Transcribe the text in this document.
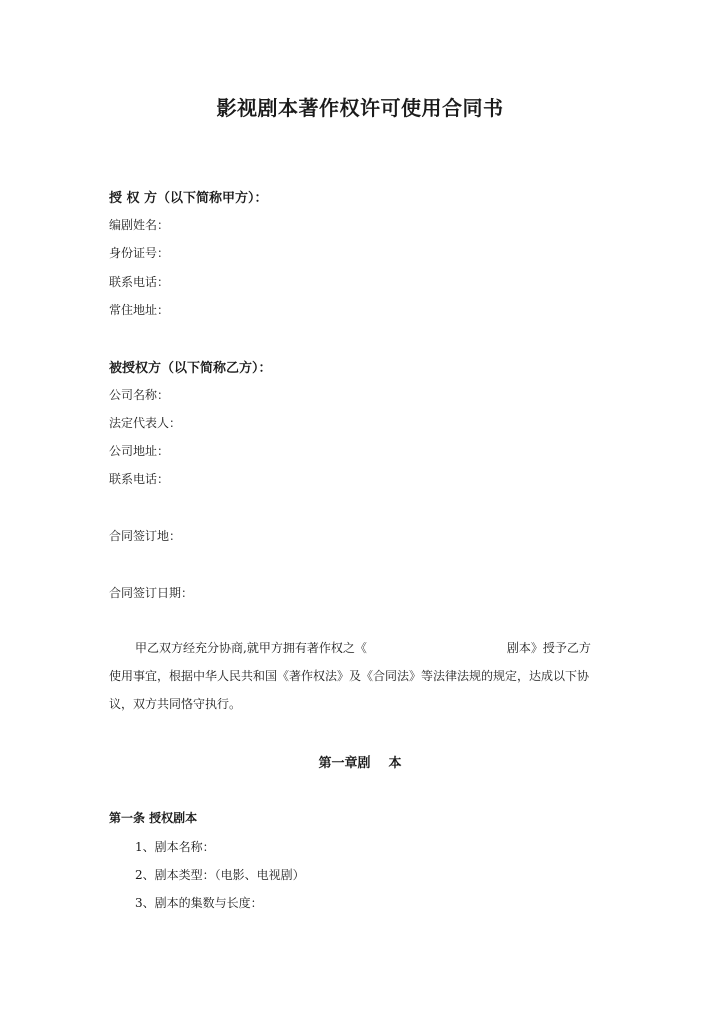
影视剧本著作权许可使用合同书
授 权 方（以下简称甲方）：
编剧姓名：
身份证号：
联系电话：
常住地址：
被授权方（以下简称乙方）：
公司名称：
法定代表人：
公司地址：
联系电话：
合同签订地：
合同签订日期：
甲乙双方经充分协商,就甲方拥有著作权之《	剧本》授予乙方
使用事宜，根据中华人民共和国《著作权法》及《合同法》等法律法规的规定，达成以下协
议，双方共同恪守执行。
第一章剧    本
第一条 授权剧本
1、剧本名称：
2、剧本类型：（电影、电视剧）
3、剧本的集数与长度：
